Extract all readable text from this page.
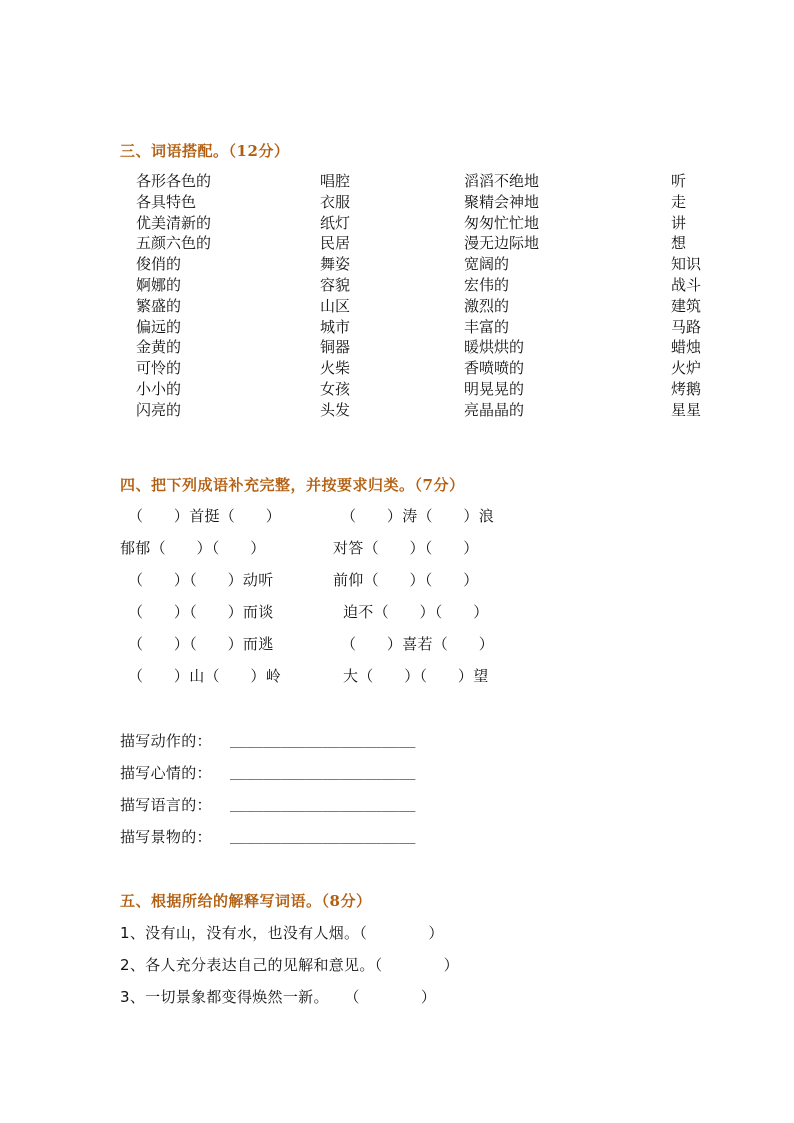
三、词语搭配。（12分）
各形各色的	唱腔	滔滔不绝地	听
各具特色	衣服	聚精会神地	走
优美清新的	纸灯	匆匆忙忙地	讲
五颜六色的	民居	漫无边际地	想
俊俏的	舞姿	宽阔的	知识
婀娜的	容貌	宏伟的	战斗
繁盛的	山区	激烈的	建筑
偏远的	城市	丰富的	马路
金黄的	铜器	暖烘烘的	蜡烛
可怜的	火柴	香喷喷的	火炉
小小的	女孩	明晃晃的	烤鹅
闪亮的	头发	亮晶晶的	星星
四、把下列成语补充完整，并按要求归类。（7分）
（　　）首挺（　　）	（　　）涛（　　）浪
郁郁（　　）（　　）	对答（　　）（　　）
（　　）（　　）动听	前仰（　　）（　　）
（　　）（　　）而谈	迫不（　　）（　　）
（　　）（　　）而逃	（　　）喜若（　　）
（　　）山（　　）岭	大（　　）（　　）望
描写动作的： ______________________
描写心情的： ______________________
描写语言的： ______________________
描写景物的： ______________________
五、根据所给的解释写词语。（8分）
1、没有山，没有水，也没有人烟。（　　　　）
2、各人充分表达自己的见解和意见。（　　　　）
3、一切景象都变得焕然一新。　　（　　　　）
